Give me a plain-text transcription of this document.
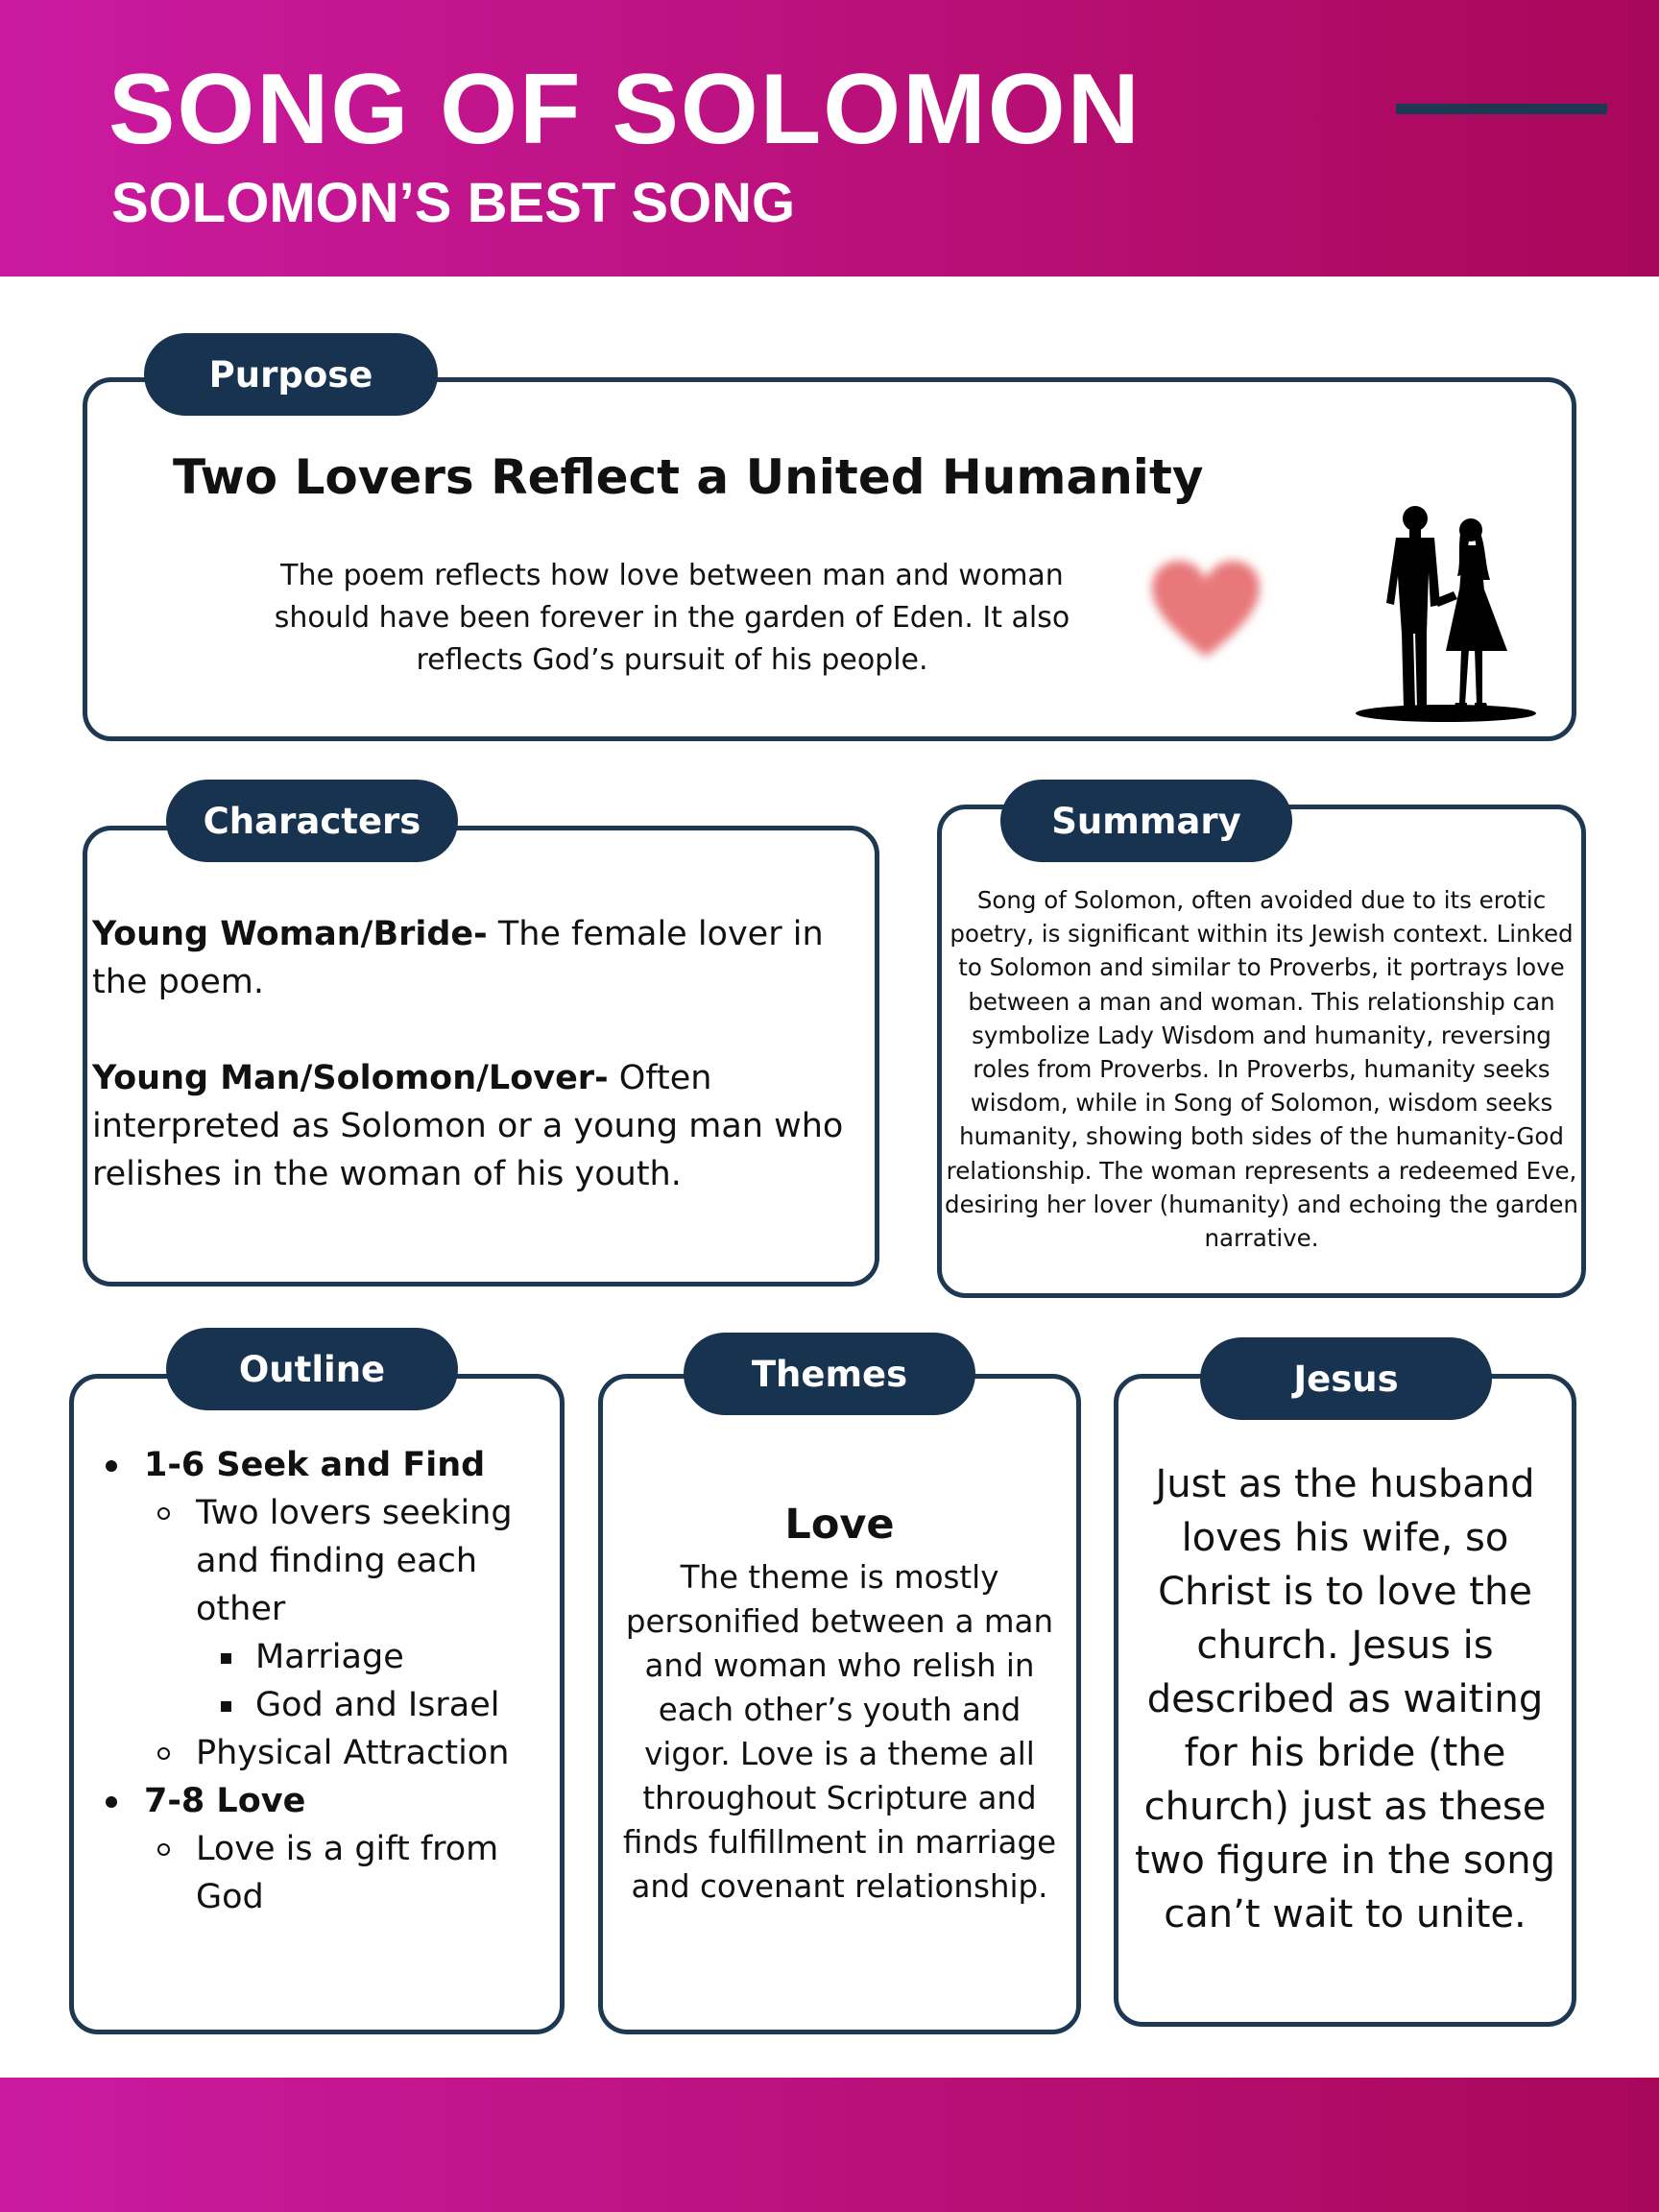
SONG OF SOLOMON
SOLOMON’S BEST SONG
Purpose
Two Lovers Reflect a United Humanity
The poem reflects how love between man and woman should have been forever in the garden of Eden. It also reflects God’s pursuit of his people.
Characters

Young Woman/Bride- The female lover in the poem.

Young Man/Solomon/Lover- Often interpreted as Solomon or a young man who relishes in the woman of his youth.

Summary
Song of Solomon, often avoided due to its erotic poetry, is significant within its Jewish context. Linked to Solomon and similar to Proverbs, it portrays love between a man and woman. This relationship can symbolize Lady Wisdom and humanity, reversing roles from Proverbs. In Proverbs, humanity seeks wisdom, while in Song of Solomon, wisdom seeks humanity, showing both sides of the humanity-God relationship. The woman represents a redeemed Eve, desiring her lover (humanity) and echoing the garden narrative.
Outline
1-6 Seek and Find
Two lovers seeking and finding each other
Marriage
God and Israel
Physical Attraction
7-8 Love
Love is a gift from God
Themes
Love
The theme is mostly personified between a man and woman who relish in each other’s youth and vigor. Love is a theme all throughout Scripture and finds fulfillment in marriage and covenant relationship.
Jesus
Just as the husband loves his wife, so Christ is to love the church. Jesus is described as waiting for his bride (the church) just as these two figure in the song can’t wait to unite.
